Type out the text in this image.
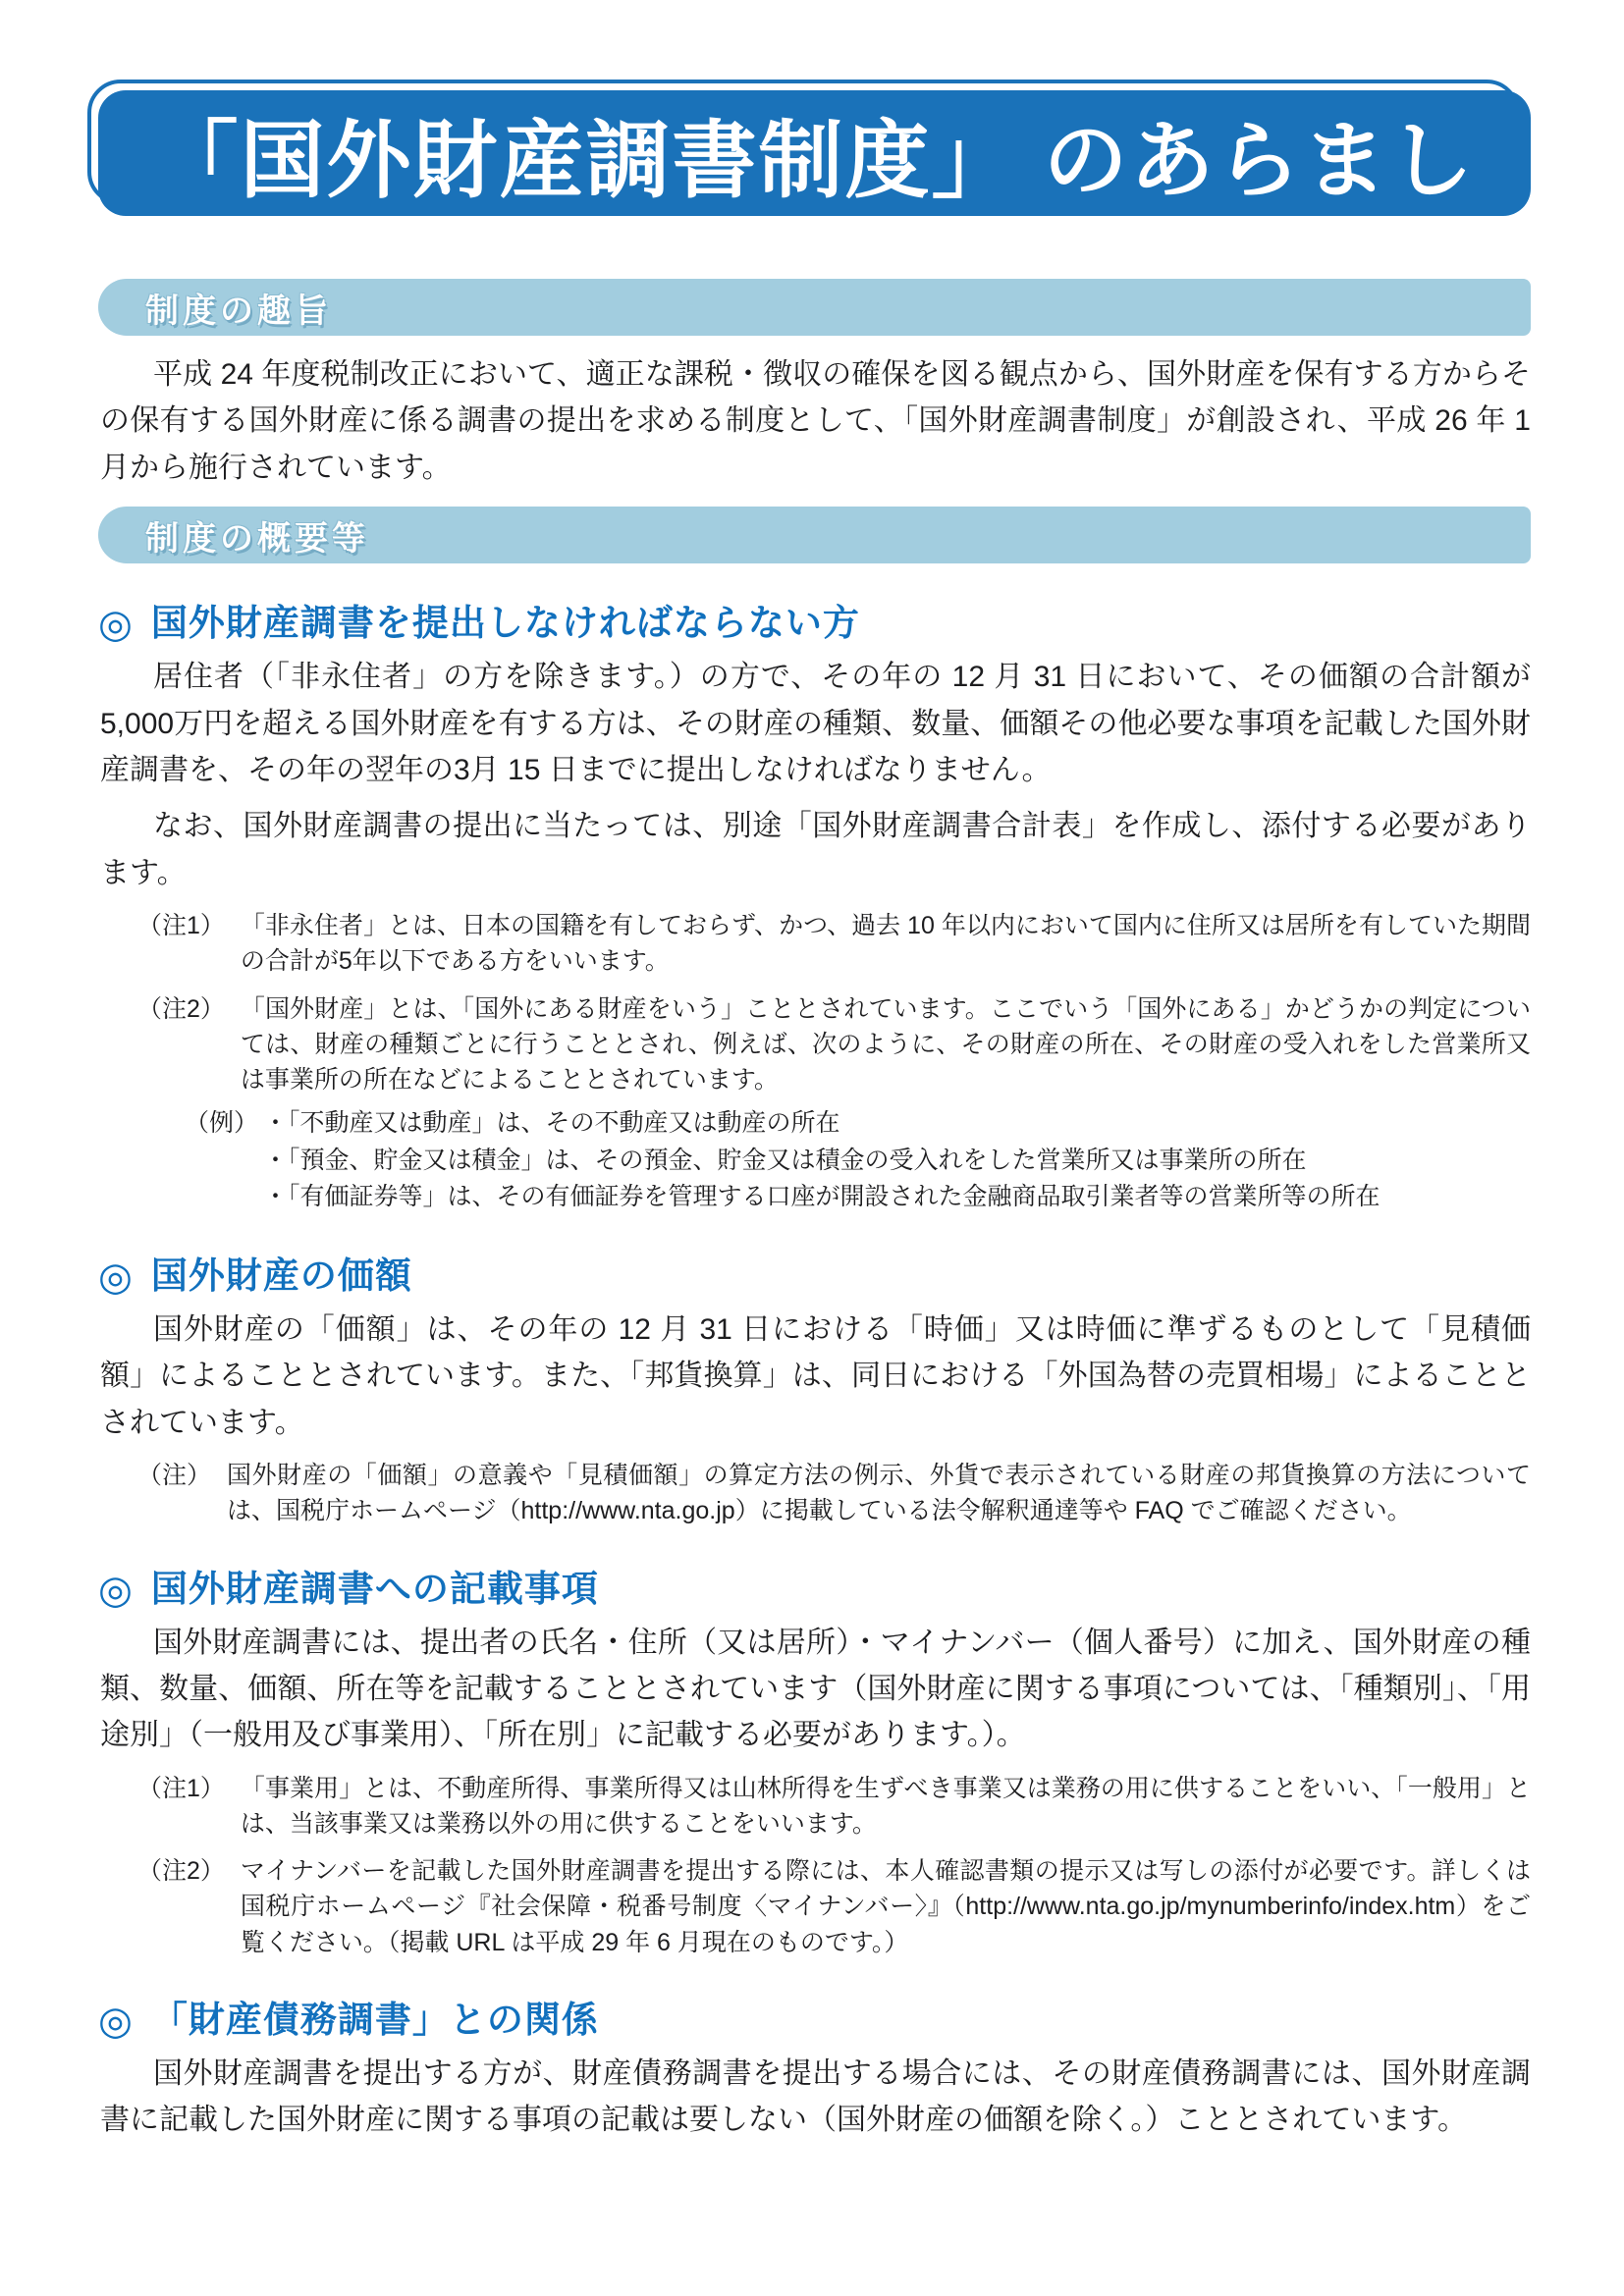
「国外財産調書制度」 のあらまし
制度の趣旨

平成 24 年度税制改正において、適正な課税・徴収の確保を図る観点から、国外財産を保有する方からその保有する国外財産に係る調書の提出を求める制度として、「国外財産調書制度」が創設され、平成 26 年 1 月から施行されています。

制度の概要等
◎ 国外財産調書を提出しなければならない方

居住者（「非永住者」の方を除きます。）の方で、その年の 12 月 31 日において、その価額の合計額が5,000万円を超える国外財産を有する方は、その財産の種類、数量、価額その他必要な事項を記載した国外財産調書を、その年の翌年の3月 15 日までに提出しなければなりません。

なお、国外財産調書の提出に当たっては、別途「国外財産調書合計表」を作成し、添付する必要があります。

（注1） 「非永住者」とは、日本の国籍を有しておらず、かつ、過去 10 年以内において国内に住所又は居所を有していた期間の合計が5年以下である方をいいます。
（注2） 「国外財産」とは、「国外にある財産をいう」こととされています。ここでいう「国外にある」かどうかの判定については、財産の種類ごとに行うこととされ、例えば、次のように、その財産の所在、その財産の受入れをした営業所又は事業所の所在などによることとされています。
（例） ・「不動産又は動産」は、その不動産又は動産の所在
・「預金、貯金又は積金」は、その預金、貯金又は積金の受入れをした営業所又は事業所の所在
・「有価証券等」は、その有価証券を管理する口座が開設された金融商品取引業者等の営業所等の所在
◎ 国外財産の価額

国外財産の「価額」は、その年の 12 月 31 日における「時価」又は時価に準ずるものとして「見積価額」によることとされています。また、「邦貨換算」は、同日における「外国為替の売買相場」によることとされています。

（注） 国外財産の「価額」の意義や「見積価額」の算定方法の例示、外貨で表示されている財産の邦貨換算の方法については、国税庁ホームページ（http://www.nta.go.jp）に掲載している法令解釈通達等や FAQ でご確認ください。
◎ 国外財産調書への記載事項

国外財産調書には、提出者の氏名・住所（又は居所）・マイナンバー（個人番号）に加え、国外財産の種類、数量、価額、所在等を記載することとされています（国外財産に関する事項については、「種類別」、「用途別」（一般用及び事業用）、「所在別」に記載する必要があります。）。

（注1） 「事業用」とは、不動産所得、事業所得又は山林所得を生ずべき事業又は業務の用に供することをいい、「一般用」とは、当該事業又は業務以外の用に供することをいいます。
（注2） マイナンバーを記載した国外財産調書を提出する際には、本人確認書類の提示又は写しの添付が必要です。詳しくは国税庁ホームページ『社会保障・税番号制度〈マイナンバー〉』（http://www.nta.go.jp/mynumberinfo/index.htm）をご覧ください。（掲載 URL は平成 29 年 6 月現在のものです。）
◎ 「財産債務調書」との関係

国外財産調書を提出する方が、財産債務調書を提出する場合には、その財産債務調書には、国外財産調書に記載した国外財産に関する事項の記載は要しない（国外財産の価額を除く。）こととされています。
